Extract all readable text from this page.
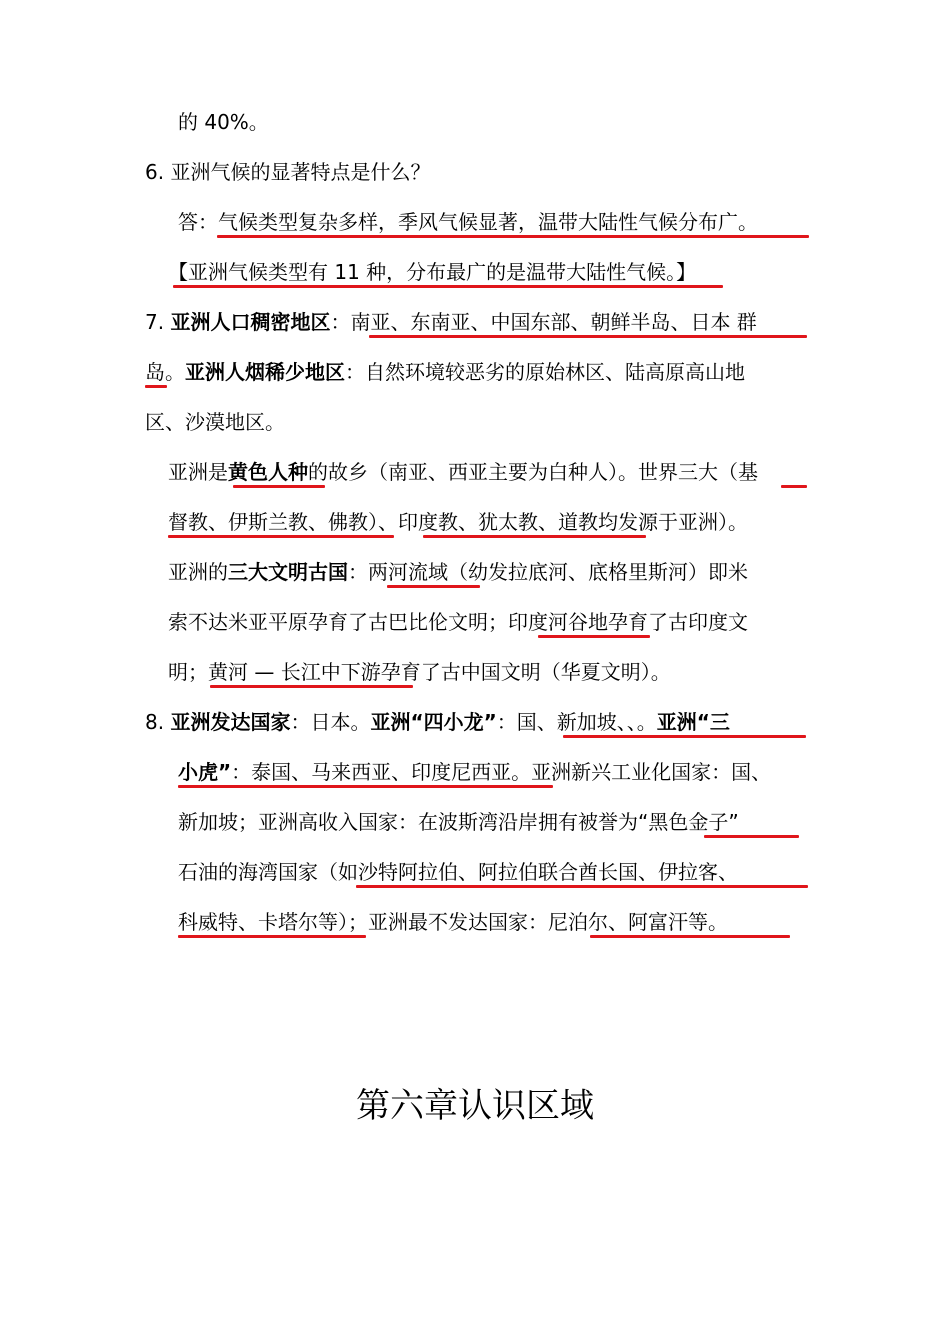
的 40%。
6. 亚洲气候的显著特点是什么？
答：气候类型复杂多样，季风气候显著，温带大陆性气候分布广。
【亚洲气候类型有 11 种，分布最广的是温带大陆性气候。】
7. 亚洲人口稠密地区：南亚、东南亚、中国东部、朝鲜半岛、日本 群
岛。亚洲人烟稀少地区：自然环境较恶劣的原始林区、陆高原高山地
区、沙漠地区。
亚洲是黄色人种的故乡（南亚、西亚主要为白种人）。世界三大（基
督教、伊斯兰教、佛教）、印度教、犹太教、道教均发源于亚洲）。
亚洲的三大文明古国：两河流域（幼发拉底河、底格里斯河）即米
索不达米亚平原孕育了古巴比伦文明；印度河谷地孕育了古印度文
明；黄河 — 长江中下游孕育了古中国文明（华夏文明）。
8. 亚洲发达国家：日本。亚洲“四小龙”：国、新加坡、、。亚洲“三
小虎”：泰国、马来西亚、印度尼西亚。亚洲新兴工业化国家：国、
新加坡；亚洲高收入国家：在波斯湾沿岸拥有被誉为“黑色金子”
石油的海湾国家（如沙特阿拉伯、阿拉伯联合酋长国、伊拉客、
科威特、卡塔尔等）；亚洲最不发达国家：尼泊尔、阿富汗等。
第六章认识区域
